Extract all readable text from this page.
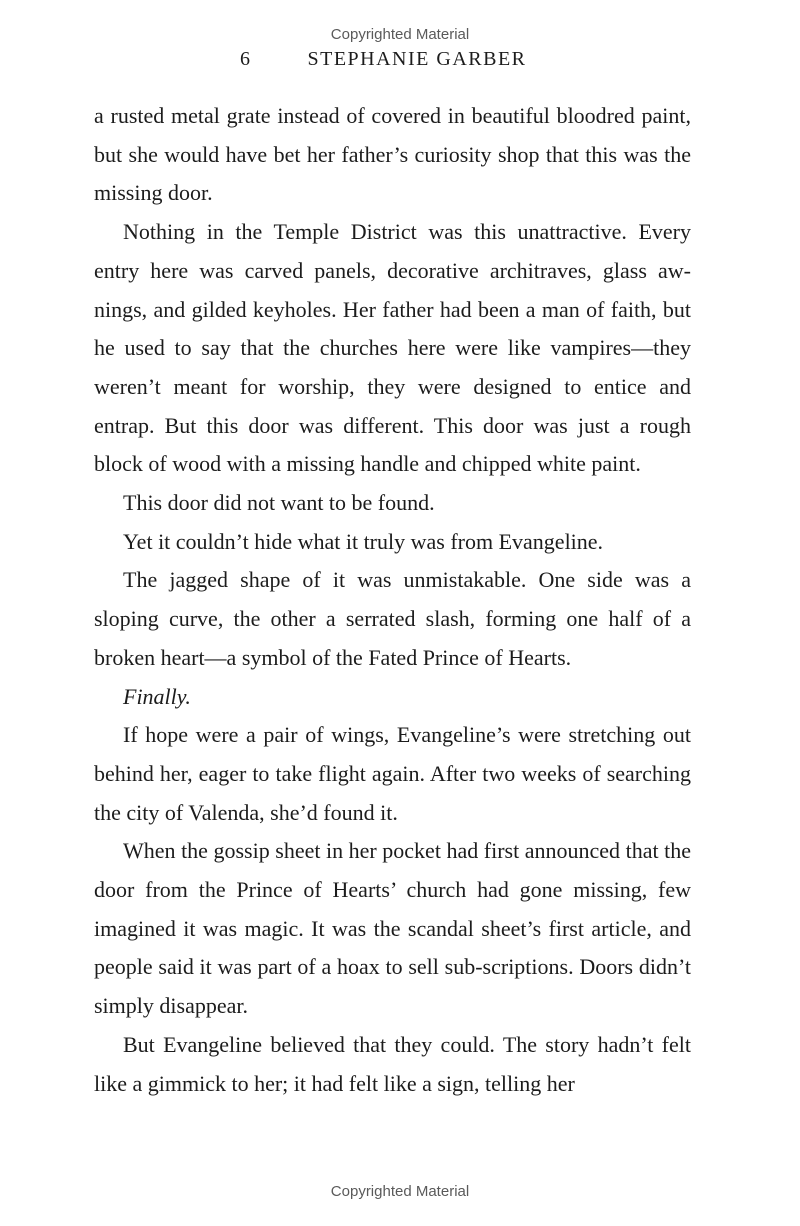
Copyrighted Material
6	STEPHANIE GARBER

a rusted metal grate instead of covered in beautiful bloodred paint, but she would have bet her father’s curiosity shop that this was the missing door.

Nothing in the Temple District was this unattractive. Every entry here was carved panels, decorative architraves, glass aw-nings, and gilded keyholes. Her father had been a man of faith, but he used to say that the churches here were like vampires—they weren’t meant for worship, they were designed to entice and entrap. But this door was different. This door was just a rough block of wood with a missing handle and chipped white paint.

This door did not want to be found.

Yet it couldn’t hide what it truly was from Evangeline.

The jagged shape of it was unmistakable. One side was a sloping curve, the other a serrated slash, forming one half of a broken heart—a symbol of the Fated Prince of Hearts.

Finally.

If hope were a pair of wings, Evangeline’s were stretching out behind her, eager to take flight again. After two weeks of searching the city of Valenda, she’d found it.

When the gossip sheet in her pocket had first announced that the door from the Prince of Hearts’ church had gone missing, few imagined it was magic. It was the scandal sheet’s first article, and people said it was part of a hoax to sell sub-scriptions. Doors didn’t simply disappear.

But Evangeline believed that they could. The story hadn’t felt like a gimmick to her; it had felt like a sign, telling her

Copyrighted Material
